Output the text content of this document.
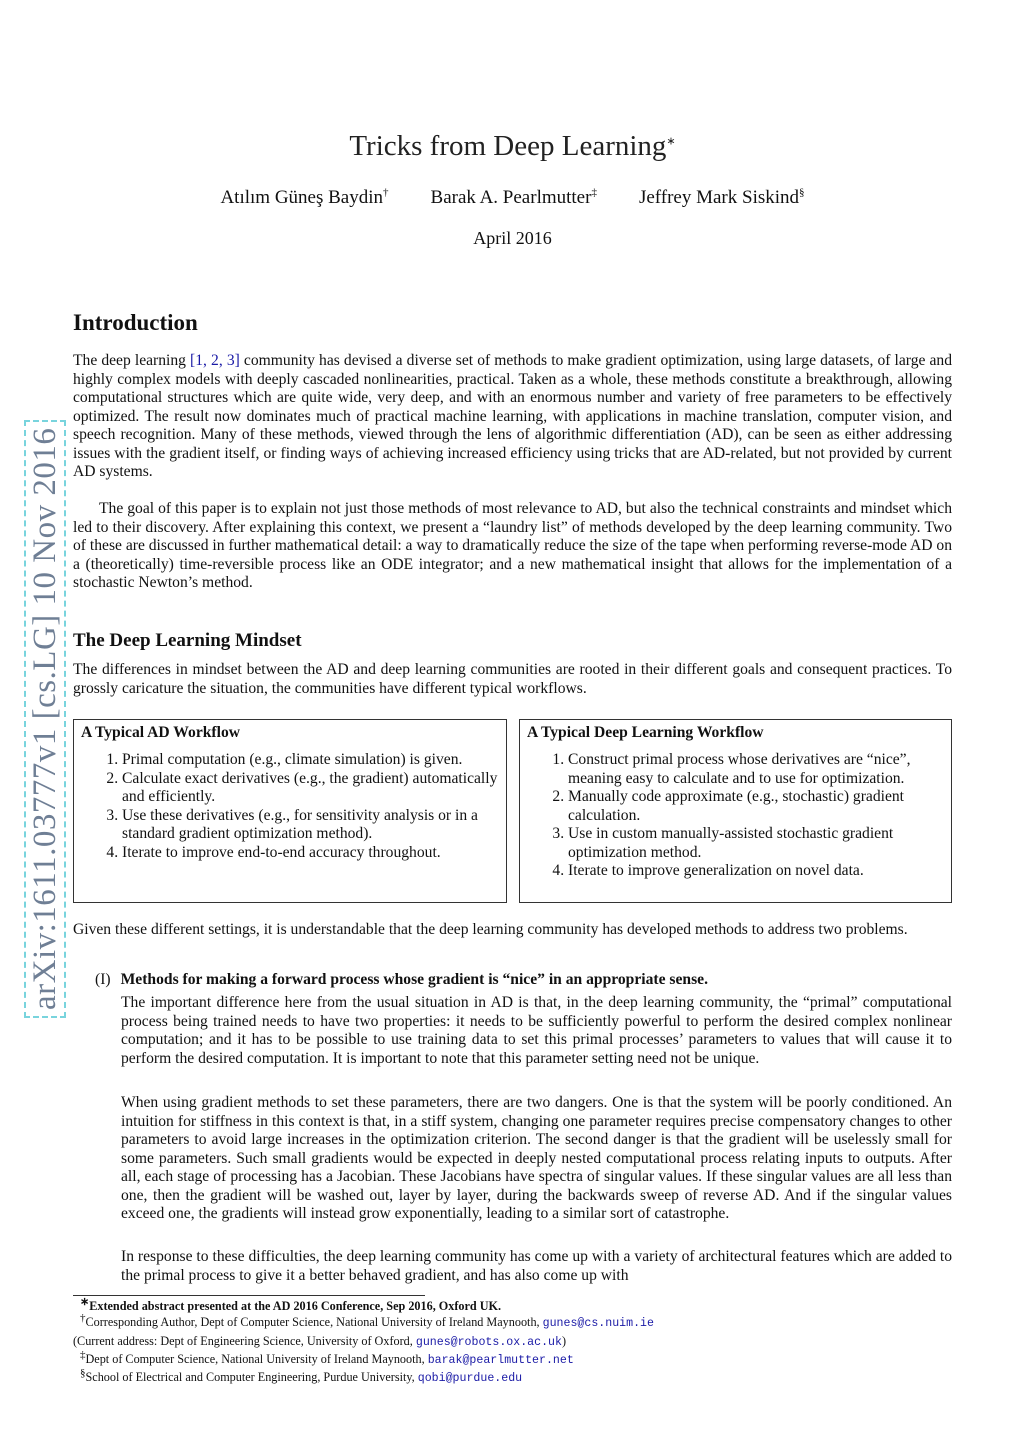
arXiv:1611.03777v1 [cs.LG] 10 Nov 2016
Tricks from Deep Learning∗
Atılım Güneş Baydin† Barak A. Pearlmutter‡ Jeffrey Mark Siskind§
April 2016
Introduction

The deep learning [1, 2, 3] community has devised a diverse set of methods to make gradient optimization, using large datasets, of large and highly complex models with deeply cascaded nonlinearities, practical. Taken as a whole, these methods constitute a breakthrough, allowing computational structures which are quite wide, very deep, and with an enormous number and variety of free parameters to be effectively optimized. The result now dominates much of practical machine learning, with applications in machine translation, computer vision, and speech recognition. Many of these methods, viewed through the lens of algorithmic differentiation (AD), can be seen as either addressing issues with the gradient itself, or finding ways of achieving increased efficiency using tricks that are AD-related, but not provided by current AD systems.

The goal of this paper is to explain not just those methods of most relevance to AD, but also the technical constraints and mindset which led to their discovery. After explaining this context, we present a “laundry list” of methods developed by the deep learning community. Two of these are discussed in further mathematical detail: a way to dramatically reduce the size of the tape when performing reverse-mode AD on a (theoretically) time-reversible process like an ODE integrator; and a new mathematical insight that allows for the implementation of a stochastic Newton’s method.

The Deep Learning Mindset

The differences in mindset between the AD and deep learning communities are rooted in their different goals and consequent practices. To grossly caricature the situation, the communities have different typical workflows.

A Typical AD Workflow
1. Primal computation (e.g., climate simulation) is given.
2. Calculate exact derivatives (e.g., the gradient) automatically and efficiently.
3. Use these derivatives (e.g., for sensitivity analysis or in a standard gradient optimization method).
4. Iterate to improve end-to-end accuracy throughout.
A Typical Deep Learning Workflow
1. Construct primal process whose derivatives are “nice”, meaning easy to calculate and to use for optimization.
2. Manually code approximate (e.g., stochastic) gradient calculation.
3. Use in custom manually-assisted stochastic gradient optimization method.
4. Iterate to improve generalization on novel data.

Given these different settings, it is understandable that the deep learning community has developed methods to address two problems.

(I) Methods for making a forward process whose gradient is “nice” in an appropriate sense.

The important difference here from the usual situation in AD is that, in the deep learning community, the “primal” computational process being trained needs to have two properties: it needs to be sufficiently powerful to perform the desired complex nonlinear computation; and it has to be possible to use training data to set this primal processes’ parameters to values that will cause it to perform the desired computation. It is important to note that this parameter setting need not be unique.

When using gradient methods to set these parameters, there are two dangers. One is that the system will be poorly conditioned. An intuition for stiffness in this context is that, in a stiff system, changing one parameter requires precise compensatory changes to other parameters to avoid large increases in the optimization criterion. The second danger is that the gradient will be uselessly small for some parameters. Such small gradients would be expected in deeply nested computational process relating inputs to outputs. After all, each stage of processing has a Jacobian. These Jacobians have spectra of singular values. If these singular values are all less than one, then the gradient will be washed out, layer by layer, during the backwards sweep of reverse AD. And if the singular values exceed one, the gradients will instead grow exponentially, leading to a similar sort of catastrophe.

In response to these difficulties, the deep learning community has come up with a variety of architectural features which are added to the primal process to give it a better behaved gradient, and has also come up with

∗Extended abstract presented at the AD 2016 Conference, Sep 2016, Oxford UK.

†Corresponding Author, Dept of Computer Science, National University of Ireland Maynooth, gunes@cs.nuim.ie

(Current address: Dept of Engineering Science, University of Oxford, gunes@robots.ox.ac.uk)

‡Dept of Computer Science, National University of Ireland Maynooth, barak@pearlmutter.net

§School of Electrical and Computer Engineering, Purdue University, qobi@purdue.edu
